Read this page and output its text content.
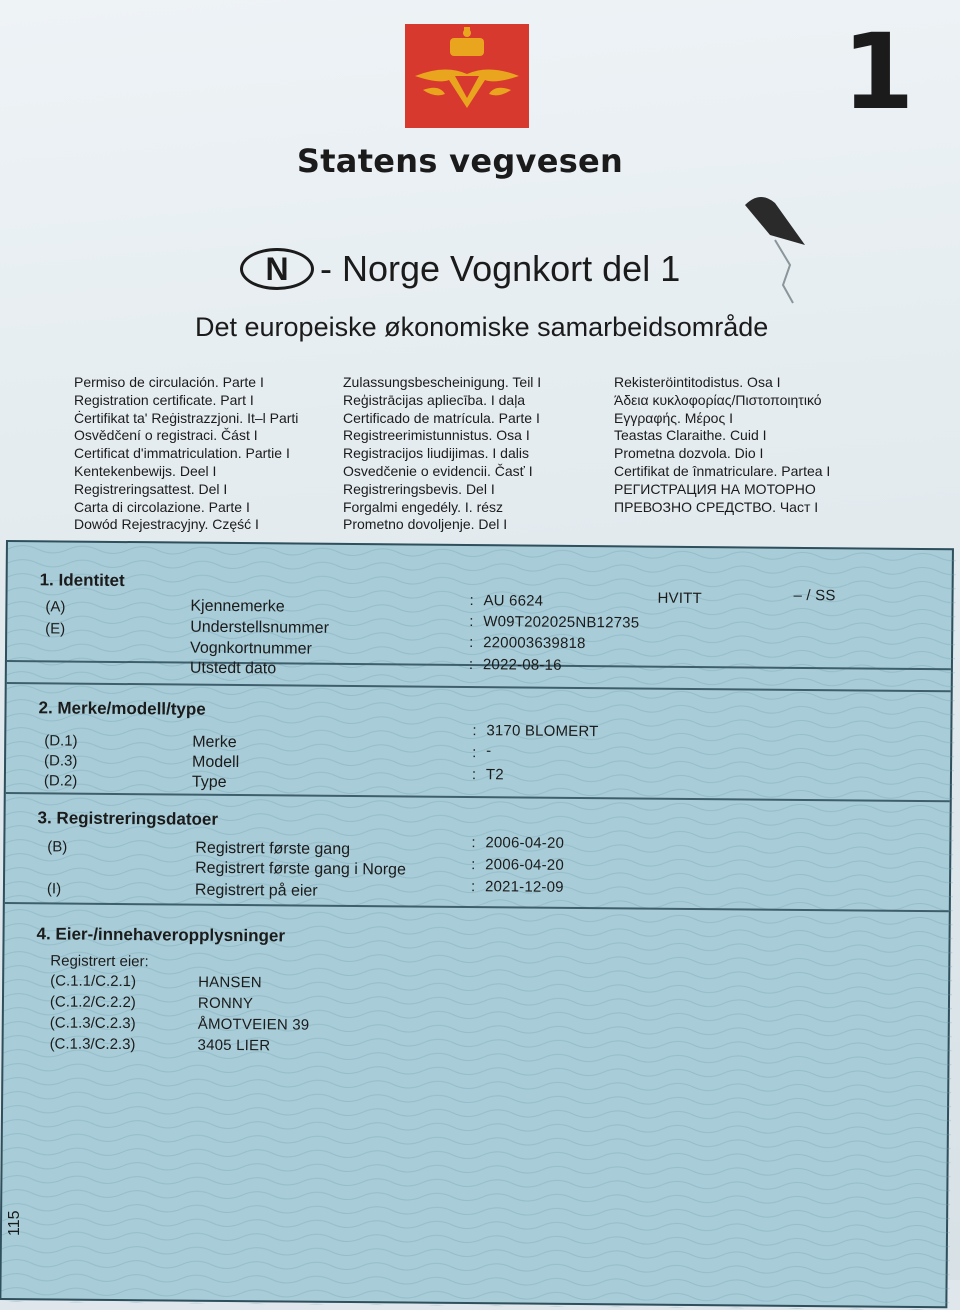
Statens vegvesen
1
N - Norge Vognkort del 1
Det europeiske økonomiske samarbeidsområde
Permiso de circulación. Parte I
Registration certificate. Part I
Ċertifikat ta' Reġistrazzjoni. It–l Parti
Osvědčení o registraci. Část I
Certificat d'immatriculation. Partie I
Kentekenbewijs. Deel I
Registreringsattest. Del I
Carta di circolazione. Parte I
Dowód Rejestracyjny. Część I
Zulassungsbescheinigung. Teil I
Reģistrācijas apliecība. I daļa
Certificado de matrícula. Parte I
Registreerimistunnistus. Osa I
Registracijos liudijimas. I dalis
Osvedčenie o evidencii. Časť I
Registreringsbevis. Del I
Forgalmi engedély. I. rész
Prometno dovoljenje. Del I
Rekisteröintitodistus. Osa I
Άδεια κυκλοφορίας/Πιστοποιητικό
Εγγραφής. Μέρος I
Teastas Claraithe. Cuid I
Prometna dozvola. Dio I
Certifikat de înmatriculare. Partea I
РЕГИСТРАЦИЯ НА МОТОРНО
ПРЕВОЗНО СРЕДСТВО. Част I
1. Identitet
(A)
(E)
Kjennemerke
Understellsnummer
Vognkortnummer
:
:
:
AU 6624
W09T202025NB12735
220003639818
HVITT	– / SS
Utstedt dato	: 2022-08-16
2. Merke/modell/type
(D.1)
(D.3)
(D.2)
Merke
Modell
Type
:
:
:
3170 BLOMERT
-
T2
3. Registreringsdatoer
(B)
(I)
Registrert første gang
Registrert første gang i Norge
Registrert på eier
:
:
:
2006-04-20
2006-04-20
2021-12-09
4. Eier-/innehaveropplysninger
Registrert eier:
(C.1.1/C.2.1)
(C.1.2/C.2.2)
(C.1.3/C.2.3)
(C.1.3/C.2.3)
HANSEN
RONNY
ÅMOTVEIEN 39
3405 LIER
115
